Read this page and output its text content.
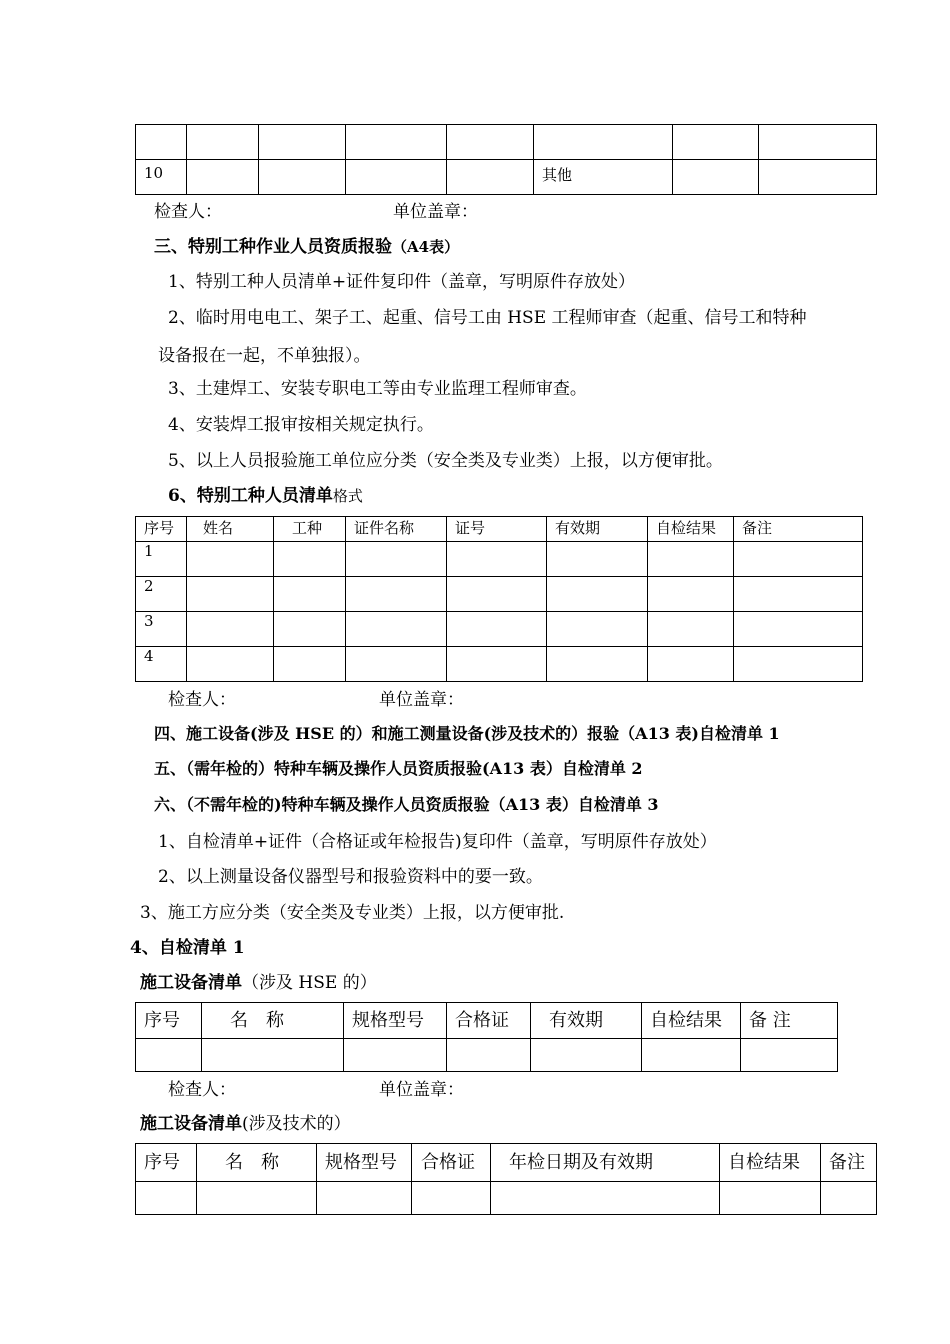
10					其他		
检查人：	单位盖章：
三、特别工种作业人员资质报验（A4表）
1、特别工种人员清单+证件复印件（盖章，写明原件存放处）
2、临时用电电工、架子工、起重、信号工由 HSE 工程师审查（起重、信号工和特种
设备报在一起，不单独报）。
3、土建焊工、安装专职电工等由专业监理工程师审查。
4、安装焊工报审按相关规定执行。
5、以上人员报验施工单位应分类（安全类及专业类）上报，以方便审批。
6、特别工种人员清单格式
序号	姓名	工种	证件名称	证号	有效期	自检结果	备注
1							
2							
3							
4							
检查人：	单位盖章：
四、施工设备(涉及 HSE 的）和施工测量设备(涉及技术的）报验（A13 表)自检清单 1
五、（需年检的）特种车辆及操作人员资质报验(A13 表）自检清单 2
六、（不需年检的)特种车辆及操作人员资质报验（A13 表）自检清单 3
1、自检清单+证件（合格证或年检报告)复印件（盖章，写明原件存放处）
2、以上测量设备仪器型号和报验资料中的要一致。
3、施工方应分类（安全类及专业类）上报，以方便审批.
4、自检清单 1
施工设备清单（涉及 HSE 的）
序号	名　称	规格型号	合格证	有效期	自检结果	备 注

检查人：	单位盖章：
施工设备清单(涉及技术的）
序号	名　称	规格型号	合格证	年检日期及有效期	自检结果	备注
